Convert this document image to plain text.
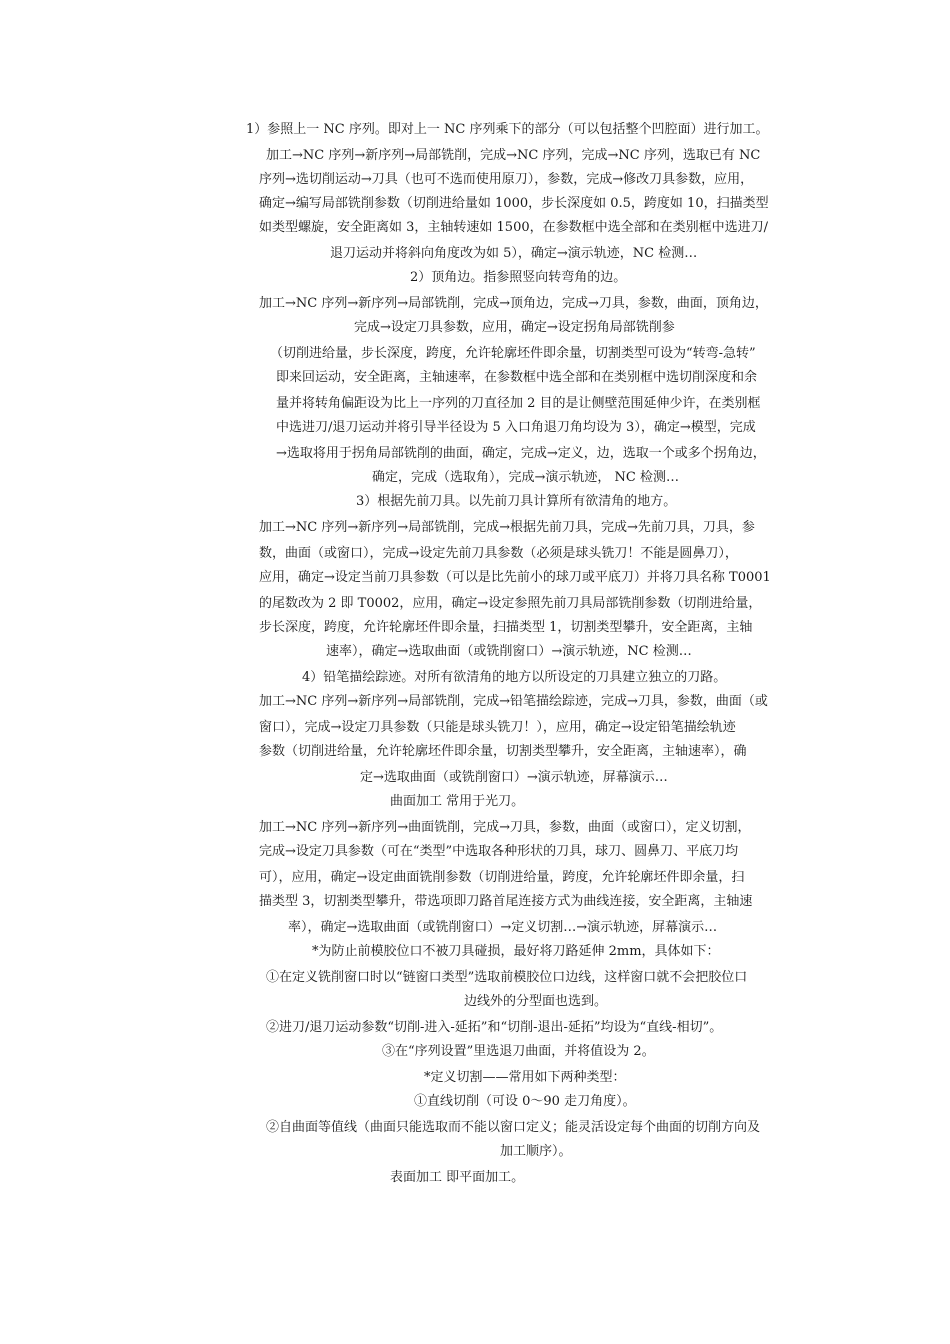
1）参照上一 NC 序列。即对上一 NC 序列乘下的部分（可以包括整个凹腔面）进行加工。
加工→NC 序列→新序列→局部铣削，完成→NC 序列，完成→NC 序列，选取已有 NC
序列→选切削运动→刀具（也可不选而使用原刀），参数，完成→修改刀具参数，应用，
确定→编写局部铣削参数（切削进给量如 1000，步长深度如 0.5，跨度如 10，扫描类型
如类型螺旋，安全距离如 3，主轴转速如 1500，在参数框中选全部和在类别框中选进刀/
退刀运动并将斜向角度改为如 5），确定→演示轨迹，NC 检测…
2）顶角边。指参照竖向转弯角的边。
加工→NC 序列→新序列→局部铣削，完成→顶角边，完成→刀具，参数，曲面，顶角边，
完成→设定刀具参数，应用，确定→设定拐角局部铣削参
（切削进给量，步长深度，跨度，允许轮廓坯件即余量，切割类型可设为“转弯-急转”
即来回运动，安全距离，主轴速率，在参数框中选全部和在类别框中选切削深度和余
量并将转角偏距设为比上一序列的刀直径加 2 目的是让侧壁范围延伸少许，在类别框
中选进刀/退刀运动并将引导半径设为 5 入口角退刀角均设为 3），确定→模型，完成
→选取将用于拐角局部铣削的曲面，确定，完成→定义，边，选取一个或多个拐角边，
确定，完成（选取角），完成→演示轨迹， NC 检测…
3）根据先前刀具。以先前刀具计算所有欲清角的地方。
加工→NC 序列→新序列→局部铣削，完成→根据先前刀具，完成→先前刀具，刀具，参
数，曲面（或窗口），完成→设定先前刀具参数（必须是球头铣刀！不能是圆鼻刀），
应用，确定→设定当前刀具参数（可以是比先前小的球刀或平底刀）并将刀具名称 T0001
的尾数改为 2 即 T0002，应用，确定→设定参照先前刀具局部铣削参数（切削进给量，
步长深度，跨度，允许轮廓坯件即余量，扫描类型 1，切割类型攀升，安全距离，主轴
速率），确定→选取曲面（或铣削窗口）→演示轨迹，NC 检测…
4）铅笔描绘踪迹。对所有欲清角的地方以所设定的刀具建立独立的刀路。
加工→NC 序列→新序列→局部铣削，完成→铅笔描绘踪迹，完成→刀具，参数，曲面（或
窗口），完成→设定刀具参数（只能是球头铣刀！），应用，确定→设定铅笔描绘轨迹
参数（切削进给量，允许轮廓坯件即余量，切割类型攀升，安全距离，主轴速率），确
定→选取曲面（或铣削窗口）→演示轨迹，屏幕演示…
曲面加工 常用于光刀。
加工→NC 序列→新序列→曲面铣削，完成→刀具，参数，曲面（或窗口），定义切割，
完成→设定刀具参数（可在“类型”中选取各种形状的刀具，球刀、圆鼻刀、平底刀均
可），应用，确定→设定曲面铣削参数（切削进给量，跨度，允许轮廓坯件即余量，扫
描类型 3，切割类型攀升，带选项即刀路首尾连接方式为曲线连接，安全距离，主轴速
率），确定→选取曲面（或铣削窗口）→定义切割…→演示轨迹，屏幕演示…
*为防止前模胶位口不被刀具碰损，最好将刀路延伸 2mm，具体如下：
①在定义铣削窗口时以“链窗口类型”选取前模胶位口边线，这样窗口就不会把胶位口
边线外的分型面也选到。
②进刀/退刀运动参数“切削-进入-延拓”和“切削-退出-延拓”均设为“直线-相切”。
③在“序列设置”里选退刀曲面，并将值设为 2。
*定义切割——常用如下两种类型：
①直线切削（可设 0～90 走刀角度）。
②自曲面等值线（曲面只能选取而不能以窗口定义；能灵活设定每个曲面的切削方向及
加工顺序）。
表面加工 即平面加工。
